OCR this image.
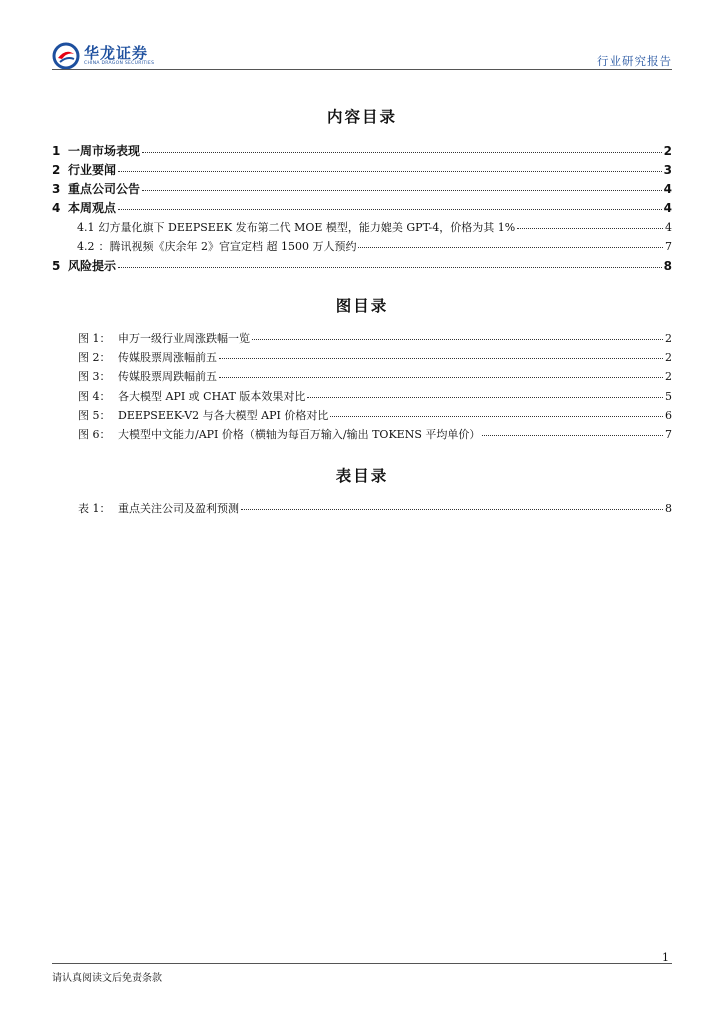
华龙证券
CHINA DRAGON SECURITIES	行业研究报告
内容目录
1 一周市场表现	2
2 行业要闻	3
3 重点公司公告	4
4 本周观点	4
4.1 幻方量化旗下 DEEPSEEK 发布第二代 MOE 模型，能力媲美 GPT-4，价格为其 1%	4
4.2 ：腾讯视频《庆余年 2》官宣定档 超 1500 万人预约	7
5 风险提示	8
图目录
图 1： 申万一级行业周涨跌幅一览	2
图 2： 传媒股票周涨幅前五	2
图 3： 传媒股票周跌幅前五	2
图 4： 各大模型 API 或 CHAT 版本效果对比	5
图 5： DEEPSEEK-V2 与各大模型 API 价格对比	6
图 6： 大模型中文能力/API 价格（横轴为每百万输入/输出 TOKENS 平均单价）	7
表目录
表 1： 重点关注公司及盈利预测	8
1
请认真阅读文后免责条款
